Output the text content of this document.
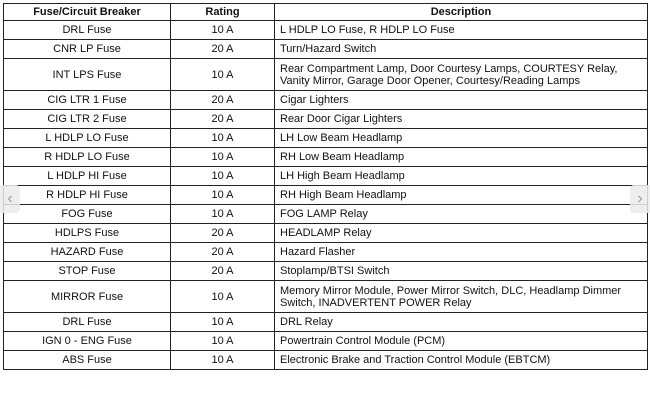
Fuse/Circuit Breaker	Rating	Description
DRL Fuse	10 A	L HDLP LO Fuse, R HDLP LO Fuse
CNR LP Fuse	20 A	Turn/Hazard Switch
INT LPS Fuse	10 A	Rear Compartment Lamp, Door Courtesy Lamps, COURTESY Relay, Vanity Mirror, Garage Door Opener, Courtesy/Reading Lamps
CIG LTR 1 Fuse	20 A	Cigar Lighters
CIG LTR 2 Fuse	20 A	Rear Door Cigar Lighters
L HDLP LO Fuse	10 A	LH Low Beam Headlamp
R HDLP LO Fuse	10 A	RH Low Beam Headlamp
L HDLP HI Fuse	10 A	LH High Beam Headlamp
R HDLP HI Fuse	10 A	RH High Beam Headlamp
FOG Fuse	10 A	FOG LAMP Relay
HDLPS Fuse	20 A	HEADLAMP Relay
HAZARD Fuse	20 A	Hazard Flasher
STOP Fuse	20 A	Stoplamp/BTSI Switch
MIRROR Fuse	10 A	Memory Mirror Module, Power Mirror Switch, DLC, Headlamp Dimmer Switch, INADVERTENT POWER Relay
DRL Fuse	10 A	DRL Relay
IGN 0 - ENG Fuse	10 A	Powertrain Control Module (PCM)
ABS Fuse	10 A	Electronic Brake and Traction Control Module (EBTCM)
‹	›
